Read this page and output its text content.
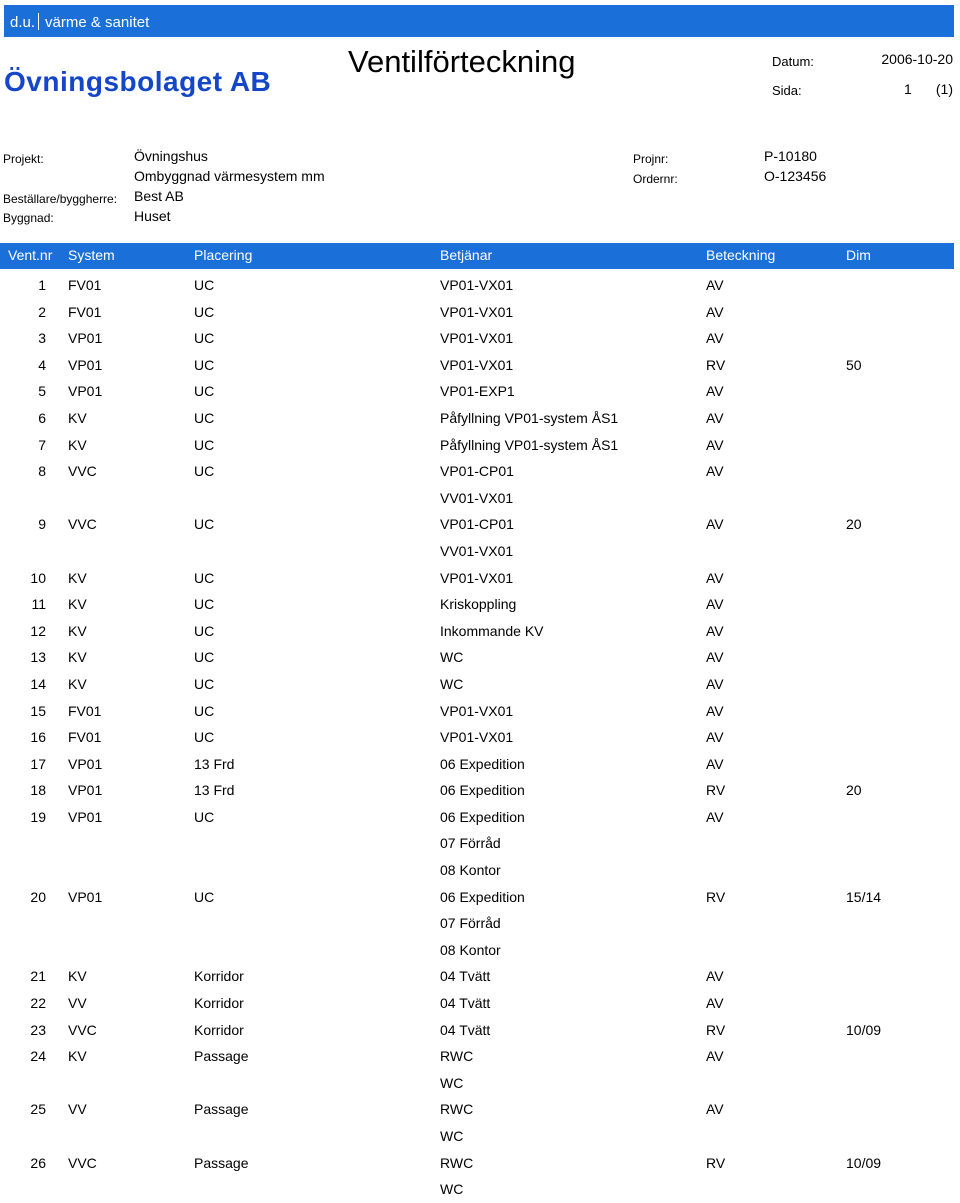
d.u. värme & sanitet
Övningsbolaget AB
Ventilförteckning	Datum:	2006-10-20
Sida:	1 (1)
Projekt:	Övningshus
Ombyggnad värmesystem mm
Beställare/byggherre: Best AB
Byggnad:	Huset
Projnr:	P-10180
Ordernr:	O-123456
Vent.nr System	Placering	Betjänar	Beteckning	Dim
1 FV01	UC	VP01-VX01	AV
2 FV01	UC	VP01-VX01	AV
3 VP01	UC	VP01-VX01	AV
4 VP01	UC	VP01-VX01	RV	50
5 VP01	UC	VP01-EXP1	AV
6 KV	UC	Påfyllning VP01-system ÅS1	AV
7 KV	UC	Påfyllning VP01-system ÅS1	AV
8 VVC	UC	VP01-CP01	AV
VV01-VX01
9 VVC	UC	VP01-CP01	AV	20
VV01-VX01
10 KV	UC	VP01-VX01	AV
11 KV	UC	Kriskoppling	AV
12 KV	UC	Inkommande KV	AV
13 KV	UC	WC	AV
14 KV	UC	WC	AV
15 FV01	UC	VP01-VX01	AV
16 FV01	UC	VP01-VX01	AV
17 VP01	13 Frd	06 Expedition	AV
18 VP01	13 Frd	06 Expedition	RV	20
19 VP01	UC	06 Expedition	AV
07 Förråd
08 Kontor
20 VP01	UC	06 Expedition	RV	15/14
07 Förråd
08 Kontor
21 KV	Korridor	04 Tvätt	AV
22 VV	Korridor	04 Tvätt	AV
23 VVC	Korridor	04 Tvätt	RV	10/09
24 KV	Passage	RWC	AV
WC
25 VV	Passage	RWC	AV
WC
26 VVC	Passage	RWC	RV	10/09
WC
